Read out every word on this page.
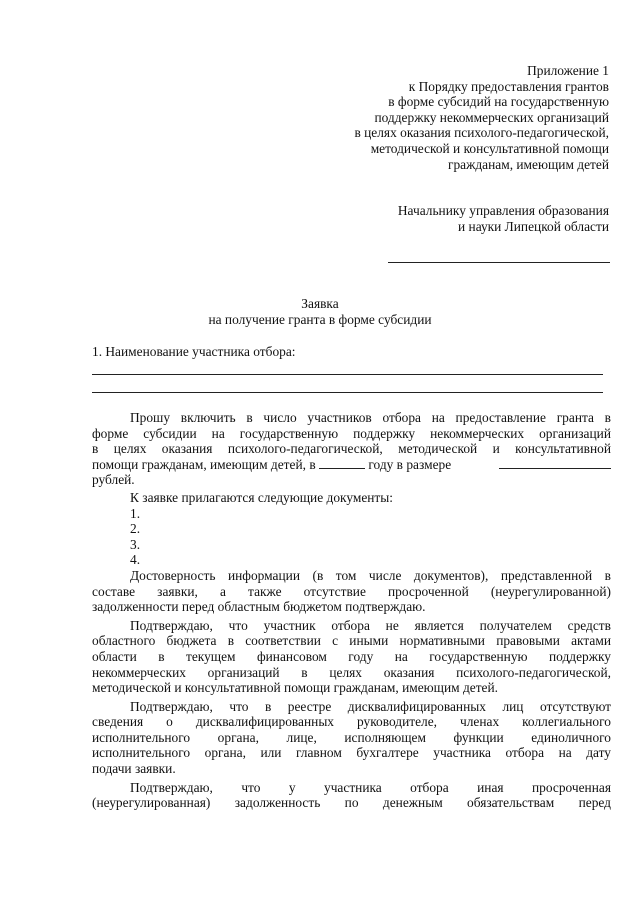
Приложение 1
к Порядку предоставления грантов
в форме субсидий на государственную
поддержку некоммерческих организаций
в целях оказания психолого-педагогической,
методической и консультативной помощи
гражданам, имеющим детей
Начальнику управления образования
и науки Липецкой области
Заявка
на получение гранта в форме субсидии
1. Наименование участника отбора:
Прошу включить в число участников отбора на предоставление гранта в
форме субсидии на государственную поддержку некоммерческих организаций
в целях оказания психолого-педагогической, методической и консультативной
помощи гражданам, имеющим детей, в	году в размере
рублей.
К заявке прилагаются следующие документы:
1.
2.
3.
4.
Достоверность информации (в том числе документов), представленной в
составе заявки, а также отсутствие просроченной (неурегулированной)
задолженности перед областным бюджетом подтверждаю.
Подтверждаю, что участник отбора не является получателем средств
областного бюджета в соответствии с иными нормативными правовыми актами
области в текущем финансовом году на государственную поддержку
некоммерческих организаций в целях оказания психолого-педагогической,
методической и консультативной помощи гражданам, имеющим детей.
Подтверждаю, что в реестре дисквалифицированных лиц отсутствуют
сведения о дисквалифицированных руководителе, членах коллегиального
исполнительного органа, лице, исполняющем функции единоличного
исполнительного органа, или главном бухгалтере участника отбора на дату
подачи заявки.
Подтверждаю, что у участника отбора иная просроченная
(неурегулированная) задолженность по денежным обязательствам перед
